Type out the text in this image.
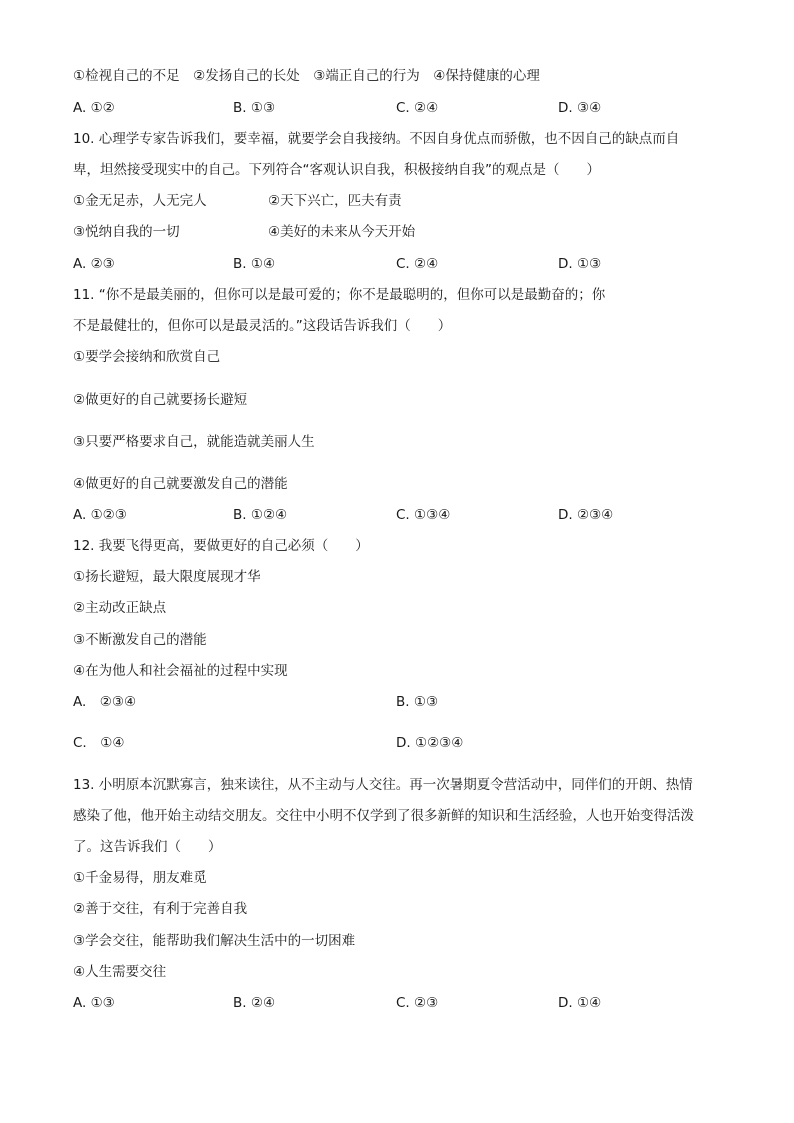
①检视自己的不足　②发扬自己的长处　③端正自己的行为　④保持健康的心理
A. ①②	B. ①③	C. ②④	D. ③④
10. 心理学专家告诉我们，要幸福，就要学会自我接纳。不因自身优点而骄傲，也不因自己的缺点而自
卑，坦然接受现实中的自己。下列符合“客观认识自我，积极接纳自我”的观点是（　　）
①金无足赤，人无完人	②天下兴亡，匹夫有责
③悦纳自我的一切	④美好的未来从今天开始
A. ②③	B. ①④	C. ②④	D. ①③
11. “你不是最美丽的，但你可以是最可爱的；你不是最聪明的，但你可以是最勤奋的；你
不是最健壮的，但你可以是最灵活的。”这段话告诉我们（　　）
①要学会接纳和欣赏自己
②做更好的自己就要扬长避短
③只要严格要求自己，就能造就美丽人生
④做更好的自己就要激发自己的潜能
A. ①②③	B. ①②④	C. ①③④	D. ②③④
12. 我要飞得更高，要做更好的自己必须（　　）
①扬长避短，最大限度展现才华
②主动改正缺点
③不断激发自己的潜能
④在为他人和社会福祉的过程中实现
A.　②③④	B. ①③
C.　①④	D. ①②③④
13. 小明原本沉默寡言，独来读往，从不主动与人交往。再一次暑期夏令营活动中，同伴们的开朗、热情
感染了他，他开始主动结交朋友。交往中小明不仅学到了很多新鲜的知识和生活经验，人也开始变得活泼
了。这告诉我们（　　）
①千金易得，朋友难觅
②善于交往，有利于完善自我
③学会交往，能帮助我们解决生活中的一切困难
④人生需要交往
A. ①③	B. ②④	C. ②③	D. ①④
